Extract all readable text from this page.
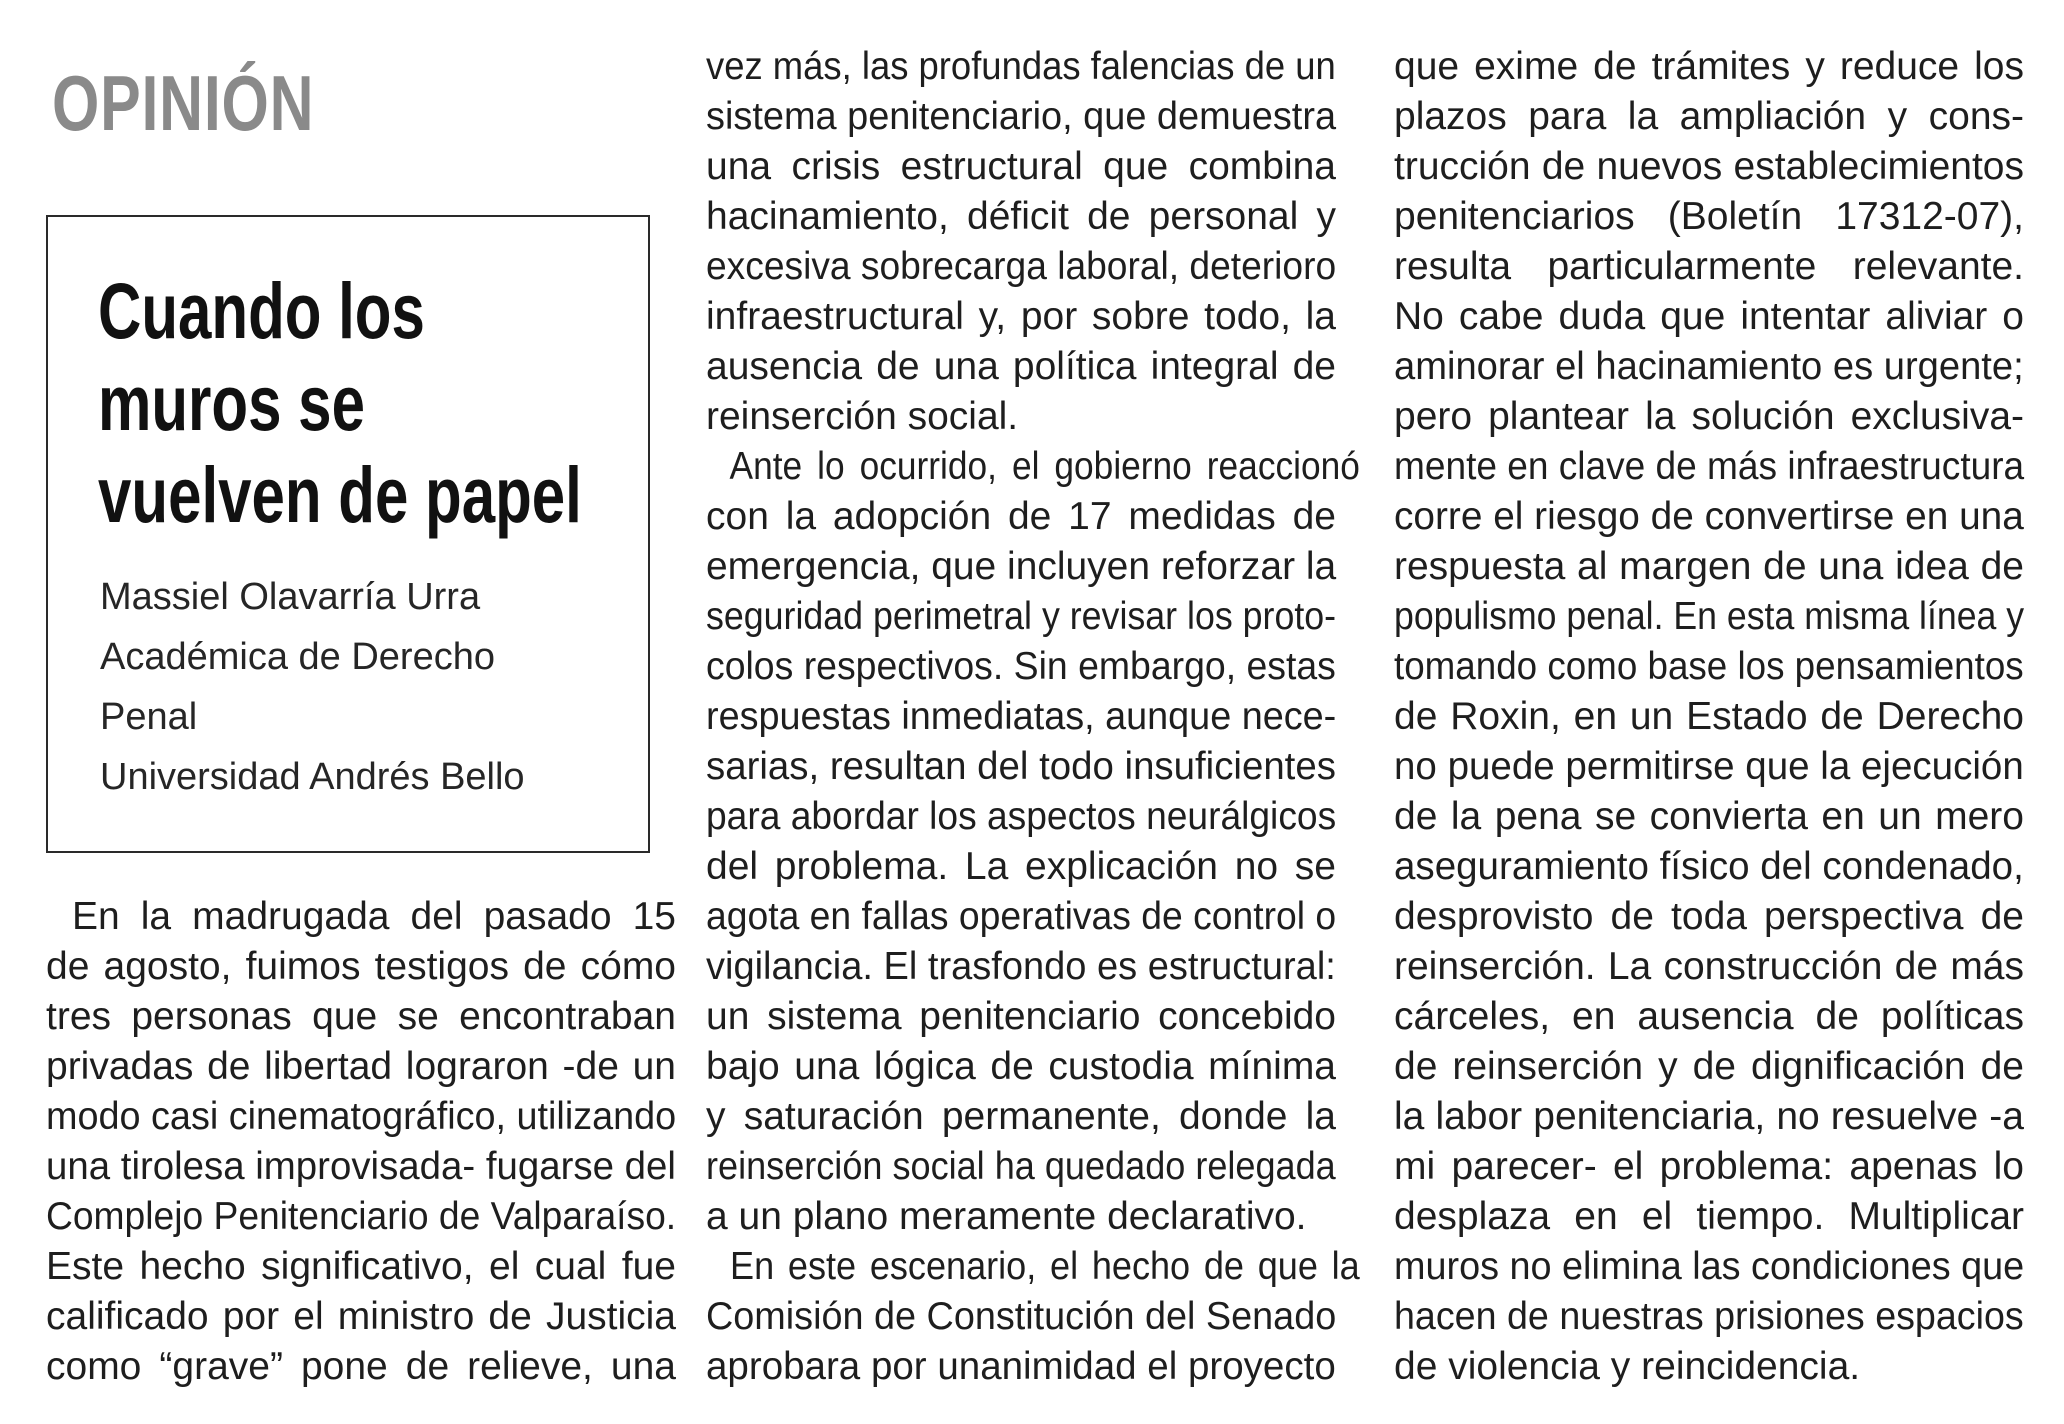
OPINIÓN
Cuando los
muros se
vuelven de papel
Massiel Olavarría Urra
Académica de Derecho
Penal
Universidad Andrés Bello
En la madrugada del pasado 15
de agosto, fuimos testigos de cómo
tres personas que se encontraban
privadas de libertad lograron -de un
modo casi cinematográfico, utilizando
una tirolesa improvisada- fugarse del
Complejo Penitenciario de Valparaíso.
Este hecho significativo, el cual fue
calificado por el ministro de Justicia
como “grave” pone de relieve, una
vez más, las profundas falencias de un
sistema penitenciario, que demuestra
una crisis estructural que combina
hacinamiento, déficit de personal y
excesiva sobrecarga laboral, deterioro
infraestructural y, por sobre todo, la
ausencia de una política integral de
reinserción social.
Ante lo ocurrido, el gobierno reaccionó
con la adopción de 17 medidas de
emergencia, que incluyen reforzar la
seguridad perimetral y revisar los proto-
colos respectivos. Sin embargo, estas
respuestas inmediatas, aunque nece-
sarias, resultan del todo insuficientes
para abordar los aspectos neurálgicos
del problema. La explicación no se
agota en fallas operativas de control o
vigilancia. El trasfondo es estructural:
un sistema penitenciario concebido
bajo una lógica de custodia mínima
y saturación permanente, donde la
reinserción social ha quedado relegada
a un plano meramente declarativo.
En este escenario, el hecho de que la
Comisión de Constitución del Senado
aprobara por unanimidad el proyecto
que exime de trámites y reduce los
plazos para la ampliación y cons-
trucción de nuevos establecimientos
penitenciarios (Boletín 17312-07),
resulta particularmente relevante.
No cabe duda que intentar aliviar o
aminorar el hacinamiento es urgente;
pero plantear la solución exclusiva-
mente en clave de más infraestructura
corre el riesgo de convertirse en una
respuesta al margen de una idea de
populismo penal. En esta misma línea y
tomando como base los pensamientos
de Roxin, en un Estado de Derecho
no puede permitirse que la ejecución
de la pena se convierta en un mero
aseguramiento físico del condenado,
desprovisto de toda perspectiva de
reinserción. La construcción de más
cárceles, en ausencia de políticas
de reinserción y de dignificación de
la labor penitenciaria, no resuelve -a
mi parecer- el problema: apenas lo
desplaza en el tiempo. Multiplicar
muros no elimina las condiciones que
hacen de nuestras prisiones espacios
de violencia y reincidencia.
